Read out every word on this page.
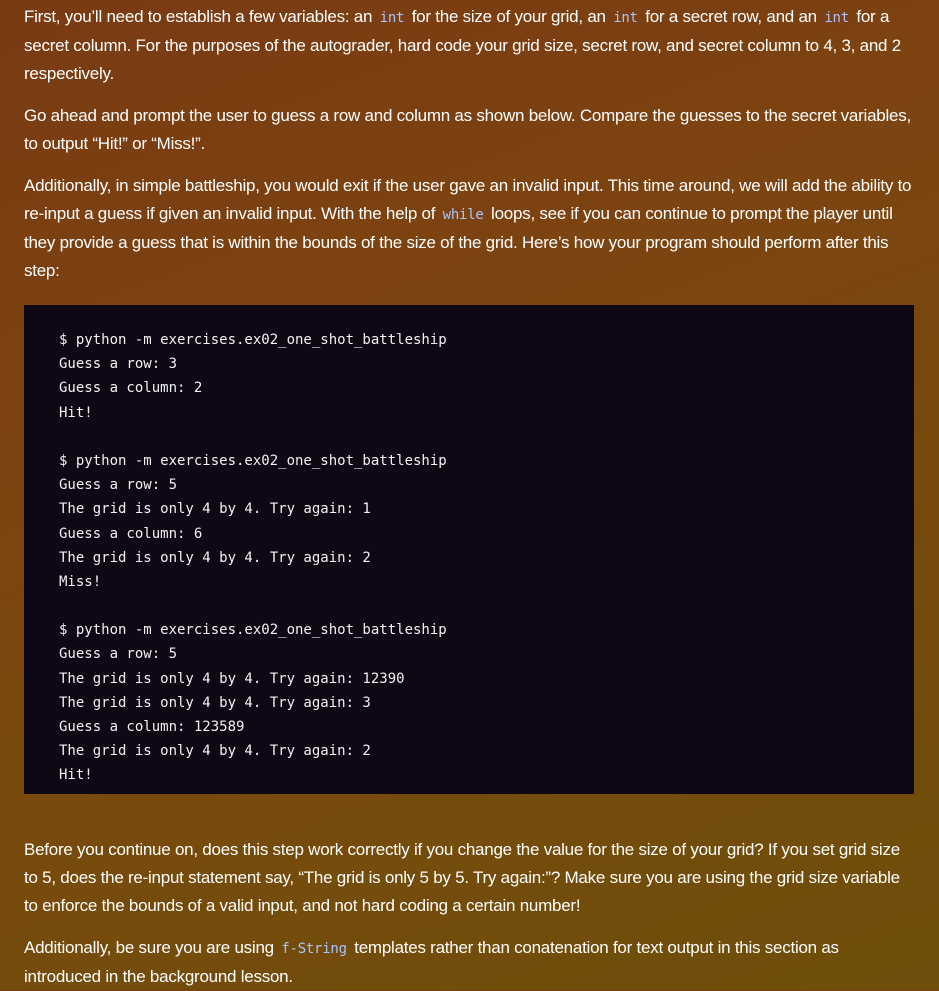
First, you’ll need to establish a few variables: an int for the size of your grid, an int for a secret row, and an int for a secret column. For the purposes of the autograder, hard code your grid size, secret row, and secret column to 4, 3, and 2 respectively.

Go ahead and prompt the user to guess a row and column as shown below. Compare the guesses to the secret variables, to output “Hit!” or “Miss!”.

Additionally, in simple battleship, you would exit if the user gave an invalid input. This time around, we will add the ability to re-input a guess if given an invalid input. With the help of while loops, see if you can continue to prompt the player until they provide a guess that is within the bounds of the size of the grid. Here’s how your program should perform after this step:

$ python -m exercises.ex02_one_shot_battleship
Guess a row: 3
Guess a column: 2
Hit!
$ python -m exercises.ex02_one_shot_battleship
Guess a row: 5
The grid is only 4 by 4. Try again: 1
Guess a column: 6
The grid is only 4 by 4. Try again: 2
Miss!
$ python -m exercises.ex02_one_shot_battleship
Guess a row: 5
The grid is only 4 by 4. Try again: 12390
The grid is only 4 by 4. Try again: 3
Guess a column: 123589
The grid is only 4 by 4. Try again: 2
Hit!

Before you continue on, does this step work correctly if you change the value for the size of your grid? If you set grid size to 5, does the re-input statement say, “The grid is only 5 by 5. Try again:”? Make sure you are using the grid size variable to enforce the bounds of a valid input, and not hard coding a certain number!

Additionally, be sure you are using f-String templates rather than conatenation for text output in this section as introduced in the background lesson.
